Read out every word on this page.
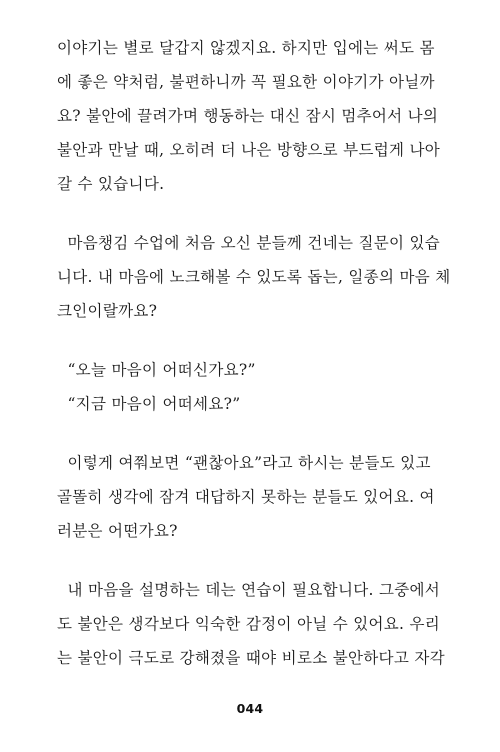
이야기는 별로 달갑지 않겠지요. 하지만 입에는 써도 몸
에 좋은 약처럼, 불편하니까 꼭 필요한 이야기가 아닐까
요? 불안에 끌려가며 행동하는 대신 잠시 멈추어서 나의
불안과 만날 때, 오히려 더 나은 방향으로 부드럽게 나아
갈 수 있습니다.
마음챙김 수업에 처음 오신 분들께 건네는 질문이 있습
니다. 내 마음에 노크해볼 수 있도록 돕는, 일종의 마음 체
크인이랄까요?
“오늘 마음이 어떠신가요?”
“지금 마음이 어떠세요?”
이렇게 여쭤보면 “괜찮아요”라고 하시는 분들도 있고
골똘히 생각에 잠겨 대답하지 못하는 분들도 있어요. 여
러분은 어떤가요?
내 마음을 설명하는 데는 연습이 필요합니다. 그중에서
도 불안은 생각보다 익숙한 감정이 아닐 수 있어요. 우리
는 불안이 극도로 강해졌을 때야 비로소 불안하다고 자각
044
